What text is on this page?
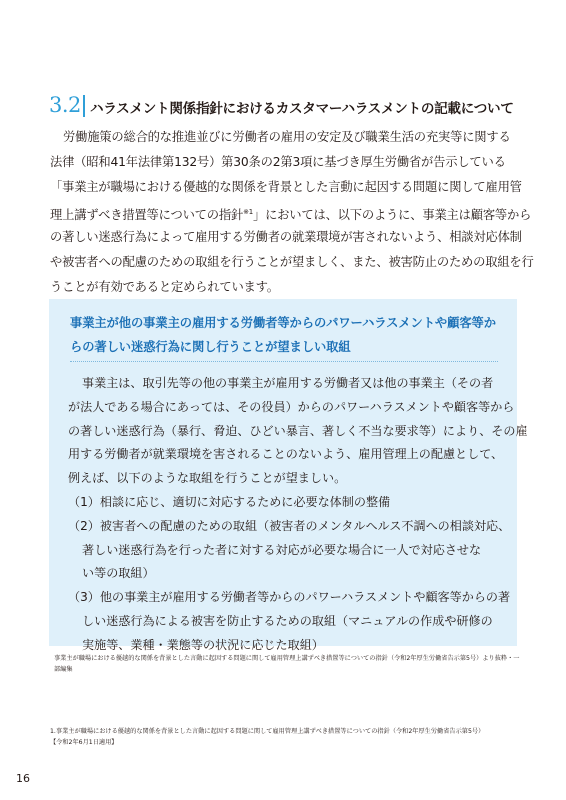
3.2 ハラスメント関係指針におけるカスタマーハラスメントの記載について
労働施策の総合的な推進並びに労働者の雇用の安定及び職業生活の充実等に関する
法律（昭和41年法律第132号）第30条の2第3項に基づき厚生労働省が告示している
「事業主が職場における優越的な関係を背景とした言動に起因する問題に関して雇用管
理上講ずべき措置等についての指針$^{※1}$」においては、以下のように、事業主は顧客等から
の著しい迷惑行為によって雇用する労働者の就業環境が害されないよう、相談対応体制
や被害者への配慮のための取組を行うことが望ましく、また、被害防止のための取組を行
うことが有効であると定められています。
事業主が他の事業主の雇用する労働者等からのパワーハラスメントや顧客等か
らの著しい迷惑行為に関し行うことが望ましい取組
事業主は、取引先等の他の事業主が雇用する労働者又は他の事業主（その者
が法人である場合にあっては、その役員）からのパワーハラスメントや顧客等から
の著しい迷惑行為（暴行、脅迫、ひどい暴言、著しく不当な要求等）により、その雇
用する労働者が就業環境を害されることのないよう、雇用管理上の配慮として、
例えば、以下のような取組を行うことが望ましい。
（1）相談に応じ、適切に対応するために必要な体制の整備
（2）被害者への配慮のための取組（被害者のメンタルヘルス不調への相談対応、
著しい迷惑行為を行った者に対する対応が必要な場合に一人で対応させな
い等の取組）
（3）他の事業主が雇用する労働者等からのパワーハラスメントや顧客等からの著
しい迷惑行為による被害を防止するための取組（マニュアルの作成や研修の
実施等、業種・業態等の状況に応じた取組）
事業主が職場における優越的な関係を背景とした言動に起因する問題に関して雇用管理上講ずべき措置等についての指針（令和2年厚生労働省告示第5号）より抜粋・一部編集
1.事業主が職場における優越的な関係を背景とした言動に起因する問題に関して雇用管理上講ずべき措置等についての指針（令和2年厚生労働省告示第5号）
【令和2年6月1日適用】
16
